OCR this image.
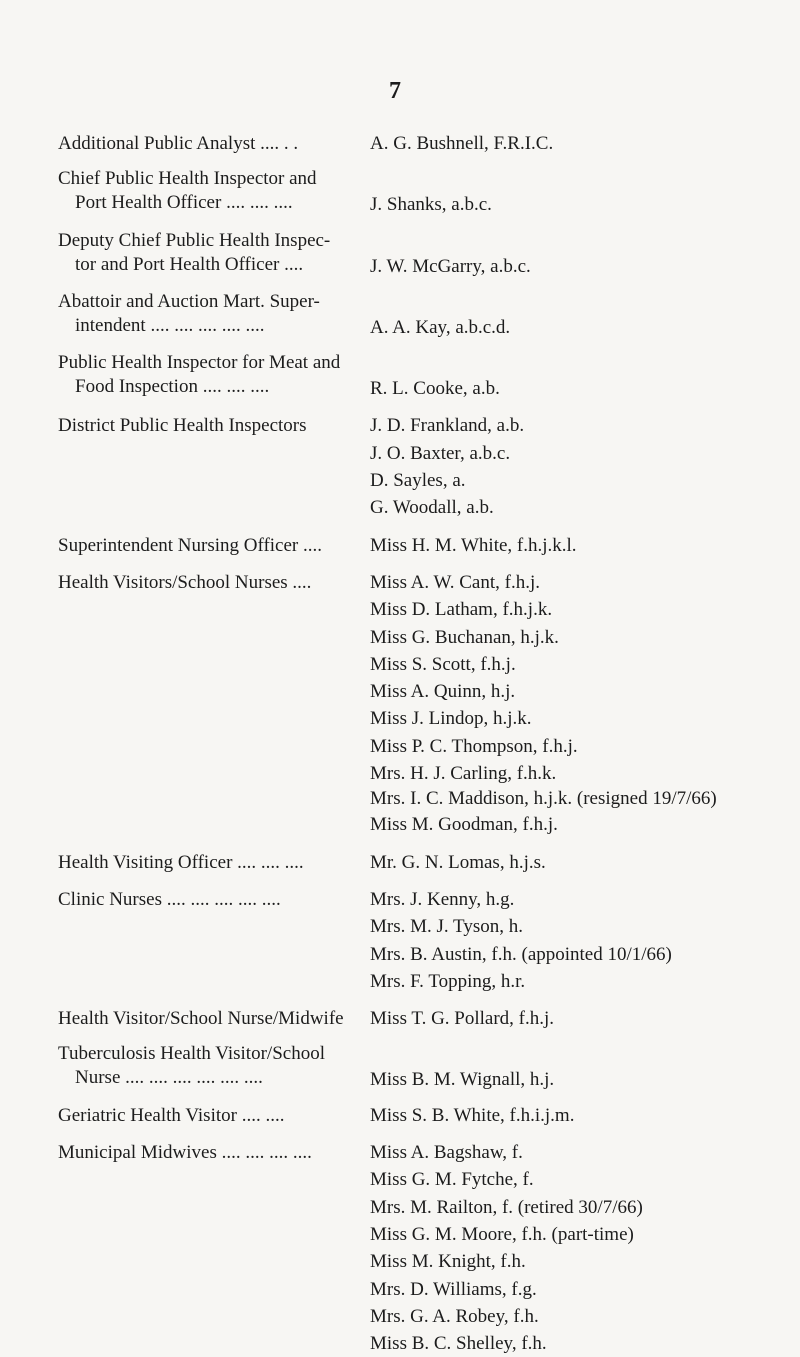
7
Additional Public Analyst .... . .	A. G. Bushnell, F.R.I.C.
Chief Public Health Inspector and
Port Health Officer .... .... ....	J. Shanks, a.b.c.
Deputy Chief Public Health Inspec-
tor and Port Health Officer ....	J. W. McGarry, a.b.c.
Abattoir and Auction Mart. Super-
intendent .... .... .... .... ....	A. A. Kay, a.b.c.d.
Public Health Inspector for Meat and
Food Inspection .... .... ....	R. L. Cooke, a.b.
District Public Health Inspectors	J. D. Frankland, a.b.
J. O. Baxter, a.b.c.
D. Sayles, a.
G. Woodall, a.b.
Superintendent Nursing Officer ....	Miss H. M. White, f.h.j.k.l.
Health Visitors/School Nurses ....	Miss A. W. Cant, f.h.j.
Miss D. Latham, f.h.j.k.
Miss G. Buchanan, h.j.k.
Miss S. Scott, f.h.j.
Miss A. Quinn, h.j.
Miss J. Lindop, h.j.k.
Miss P. C. Thompson, f.h.j.
Mrs. H. J. Carling, f.h.k.
Mrs. I. C. Maddison, h.j.k. (resigned 19/7/66)
Miss M. Goodman, f.h.j.
Health Visiting Officer .... .... ....	Mr. G. N. Lomas, h.j.s.
Clinic Nurses .... .... .... .... ....	Mrs. J. Kenny, h.g.
Mrs. M. J. Tyson, h.
Mrs. B. Austin, f.h. (appointed 10/1/66)
Mrs. F. Topping, h.r.
Health Visitor/School Nurse/Midwife	Miss T. G. Pollard, f.h.j.
Tuberculosis Health Visitor/School
Nurse .... .... .... .... .... ....	Miss B. M. Wignall, h.j.
Geriatric Health Visitor .... ....	Miss S. B. White, f.h.i.j.m.
Municipal Midwives .... .... .... ....	Miss A. Bagshaw, f.
Miss G. M. Fytche, f.
Mrs. M. Railton, f. (retired 30/7/66)
Miss G. M. Moore, f.h. (part-time)
Miss M. Knight, f.h.
Mrs. D. Williams, f.g.
Mrs. G. A. Robey, f.h.
Miss B. C. Shelley, f.h.
